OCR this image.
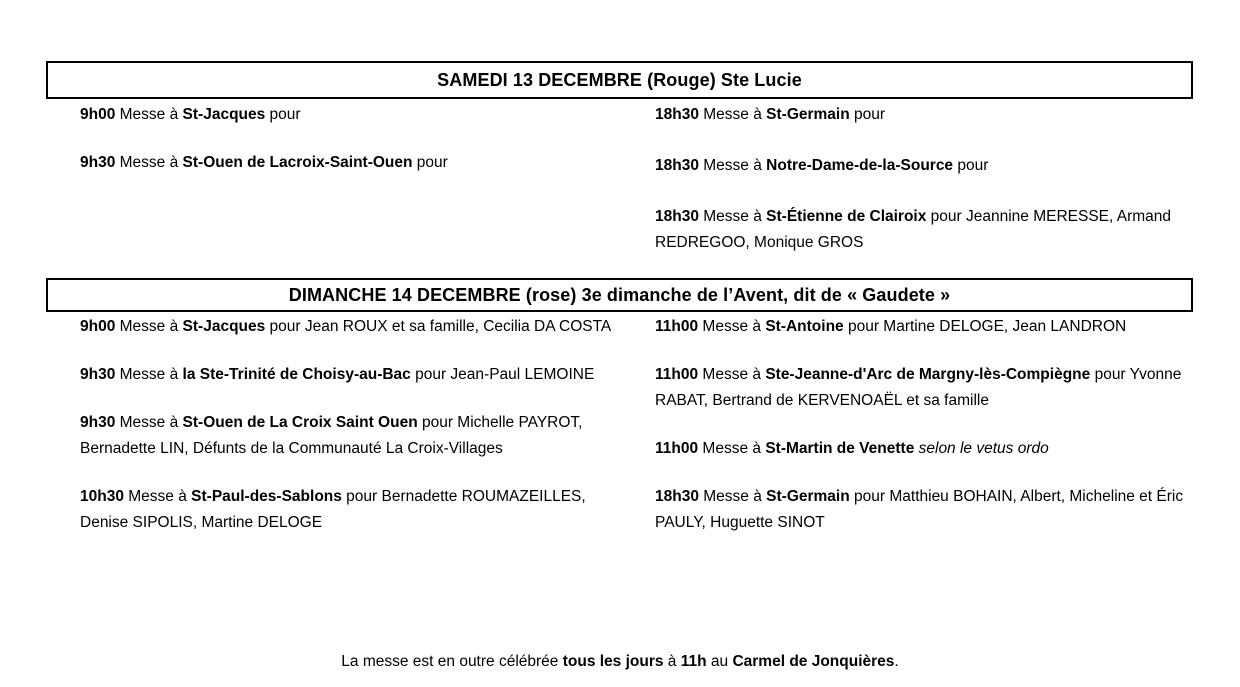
SAMEDI 13 DECEMBRE (Rouge) Ste Lucie

9h00 Messe à St-Jacques pour

9h30 Messe à St-Ouen de Lacroix-Saint-Ouen pour

18h30 Messe à St-Germain pour

18h30 Messe à Notre-Dame-de-la-Source pour

18h30 Messe à St-Étienne de Clairoix pour Jeannine MERESSE, Armand REDREGOO, Monique GROS

DIMANCHE 14 DECEMBRE (rose) 3e dimanche de l’Avent, dit de « Gaudete »

9h00 Messe à St-Jacques pour Jean ROUX et sa famille, Cecilia DA COSTA

9h30 Messe à la Ste-Trinité de Choisy-au-Bac pour Jean-Paul LEMOINE

9h30 Messe à St-Ouen de La Croix Saint Ouen pour Michelle PAYROT, Bernadette LIN, Défunts de la Communauté La Croix-Villages

10h30 Messe à St-Paul-des-Sablons pour Bernadette ROUMAZEILLES, Denise SIPOLIS, Martine DELOGE

11h00 Messe à St-Antoine pour Martine DELOGE, Jean LANDRON

11h00 Messe à Ste-Jeanne-d'Arc de Margny-lès-Compiègne pour Yvonne RABAT, Bertrand de KERVENOAËL et sa famille

11h00 Messe à St-Martin de Venette selon le vetus ordo

18h30 Messe à St-Germain pour Matthieu BOHAIN, Albert, Micheline et Éric PAULY, Huguette SINOT

La messe est en outre célébrée tous les jours à 11h au Carmel de Jonquières.
